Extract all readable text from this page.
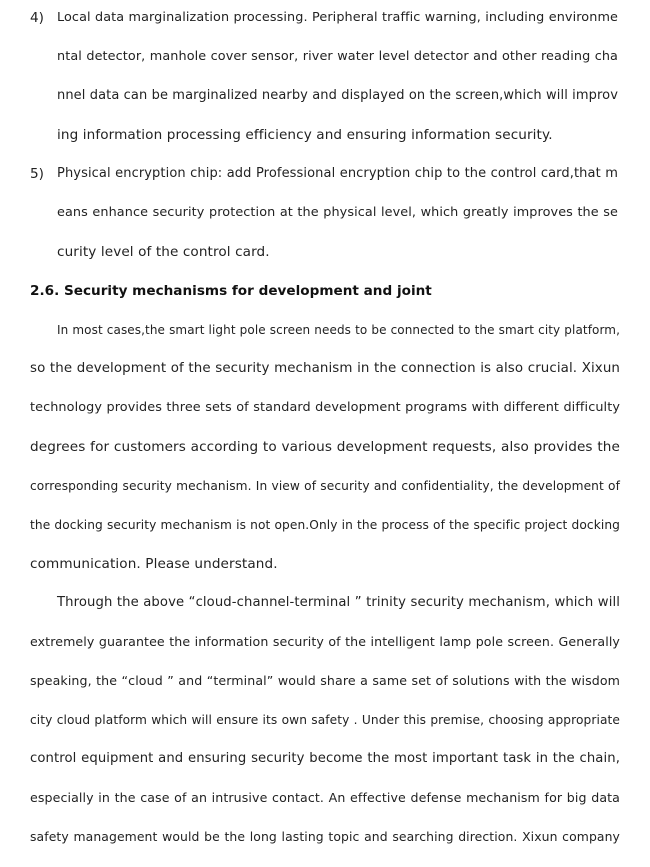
4) Local data marginalization processing. Peripheral traffic warning, including environme
ntal detector, manhole cover sensor, river water level detector and other reading cha
nnel data can be marginalized nearby and displayed on the screen,which will improv
ing information processing efficiency and ensuring information security.
5) Physical encryption chip: add Professional encryption chip to the control card,that m
eans enhance security protection at the physical level, which greatly improves the se
curity level of the control card.
2.6. Security mechanisms for development and joint
In most cases,the smart light pole screen needs to be connected to the smart city platform,
so the development of the security mechanism in the connection is also crucial. Xixun
technology provides three sets of standard development programs with different difficulty
degrees for customers according to various development requests, also provides the
corresponding security mechanism. In view of security and confidentiality, the development of
the docking security mechanism is not open.Only in the process of the specific project docking
communication. Please understand.
Through the above “cloud-channel-terminal ” trinity security mechanism, which will
extremely guarantee the information security of the intelligent lamp pole screen. Generally
speaking, the “cloud ” and “terminal” would share a same set of solutions with the wisdom
city cloud platform which will ensure its own safety . Under this premise, choosing appropriate
control equipment and ensuring security become the most important task in the chain,
especially in the case of an intrusive contact. An effective defense mechanism for big data
safety management would be the long lasting topic and searching direction. Xixun company
